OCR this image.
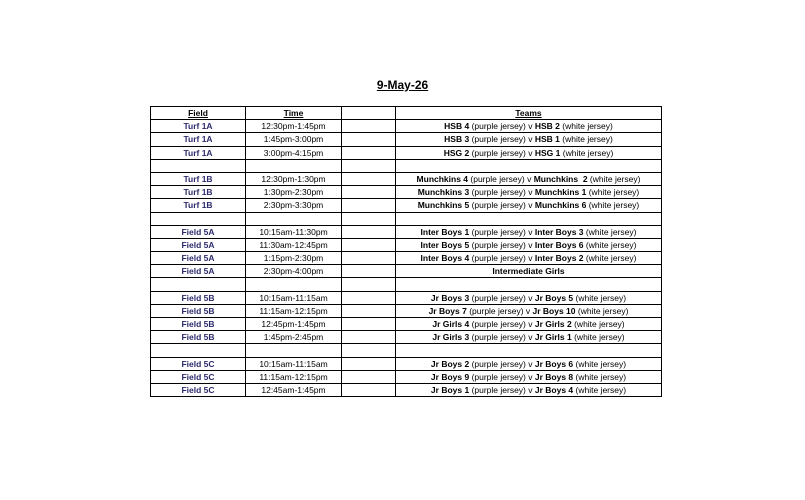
9-May-26
Field	Time		Teams
Turf 1A	12:30pm-1:45pm		HSB 4 (purple jersey) v HSB 2 (white jersey)
Turf 1A	1:45pm-3:00pm		HSB 3 (purple jersey) v HSB 1 (white jersey)
Turf 1A	3:00pm-4:15pm		HSG 2 (purple jersey) v HSG 1 (white jersey)

Turf 1B	12:30pm-1:30pm		Munchkins 4 (purple jersey) v Munchkins  2 (white jersey)
Turf 1B	1:30pm-2:30pm		Munchkins 3 (purple jersey) v Munchkins 1 (white jersey)
Turf 1B	2:30pm-3:30pm		Munchkins 5 (purple jersey) v Munchkins 6 (white jersey)

Field 5A	10:15am-11:30pm		Inter Boys 1 (purple jersey) v Inter Boys 3 (white jersey)
Field 5A	11:30am-12:45pm		Inter Boys 5 (purple jersey) v Inter Boys 6 (white jersey)
Field 5A	1:15pm-2:30pm		Inter Boys 4 (purple jersey) v Inter Boys 2 (white jersey)
Field 5A	2:30pm-4:00pm		Intermediate Girls

Field 5B	10:15am-11:15am		Jr Boys 3 (purple jersey) v Jr Boys 5 (white jersey)
Field 5B	11:15am-12:15pm		Jr Boys 7 (purple jersey) v Jr Boys 10 (white jersey)
Field 5B	12:45pm-1:45pm		Jr Girls 4 (purple jersey) v Jr Girls 2 (white jersey)
Field 5B	1:45pm-2:45pm		Jr Girls 3 (purple jersey) v Jr Girls 1 (white jersey)

Field 5C	10:15am-11:15am		Jr Boys 2 (purple jersey) v Jr Boys 6 (white jersey)
Field 5C	11:15am-12:15pm		Jr Boys 9 (purple jersey) v Jr Boys 8 (white jersey)
Field 5C	12:45am-1:45pm		Jr Boys 1 (purple jersey) v Jr Boys 4 (white jersey)
